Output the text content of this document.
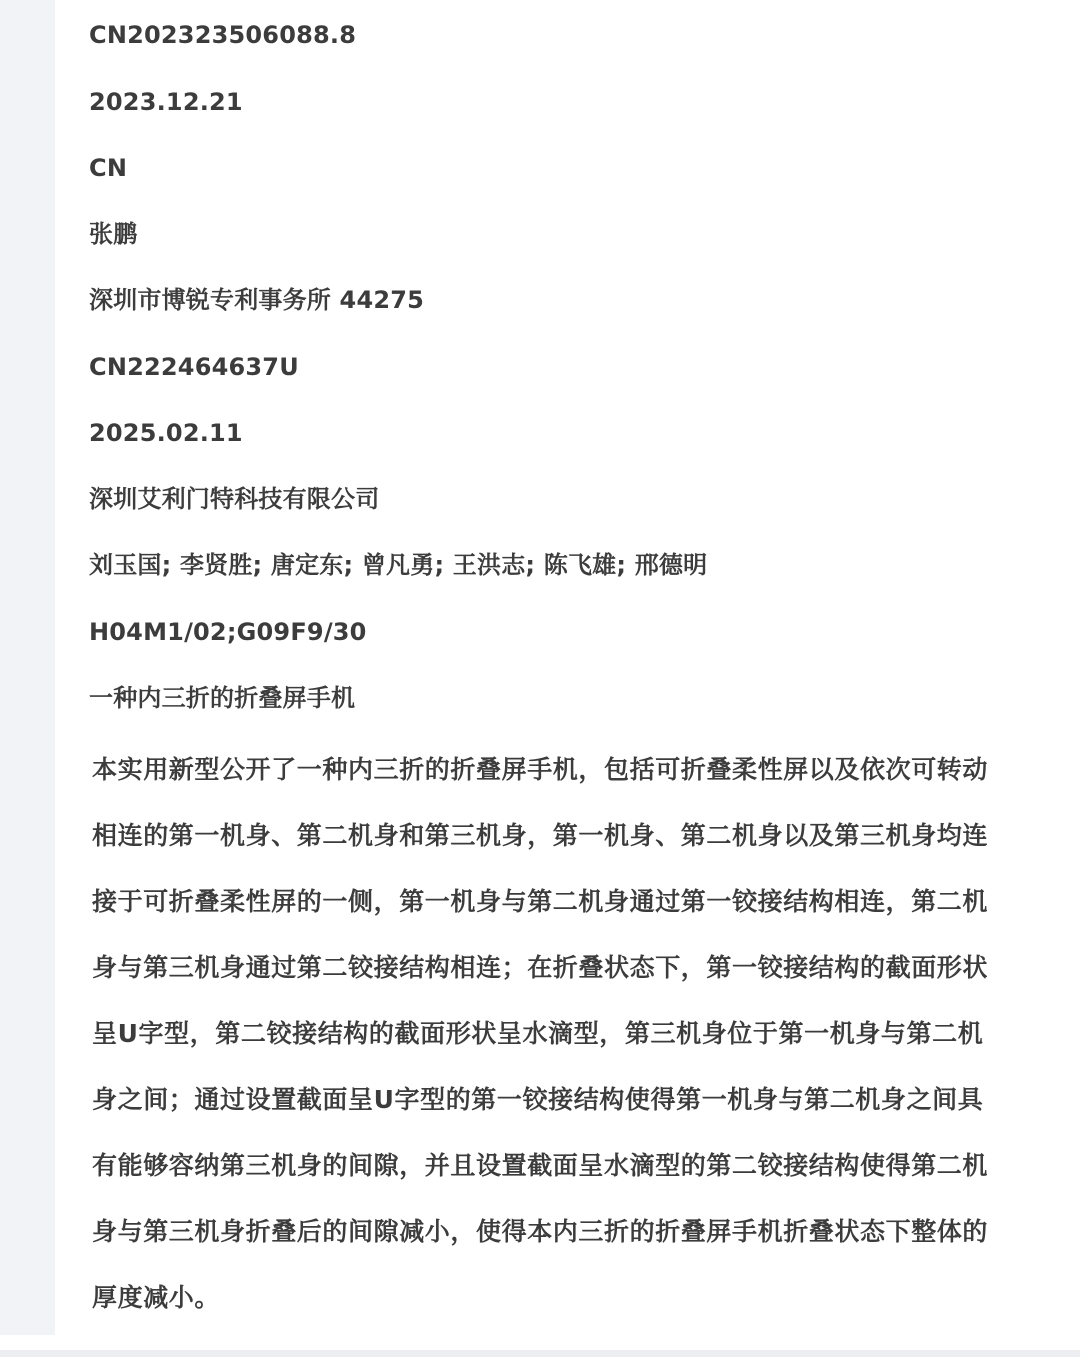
CN202323506088.8

2023.12.21

CN

张鹏

深圳市博锐专利事务所 44275

CN222464637U

2025.02.11

深圳艾利门特科技有限公司

刘玉国; 李贤胜; 唐定东; 曾凡勇; 王洪志; 陈飞雄; 邢德明

H04M1/02;G09F9/30

一种内三折的折叠屏手机

本实用新型公开了一种内三折的折叠屏手机，包括可折叠柔性屏以及依次可转动相连的第一机身、第二机身和第三机身，第一机身、第二机身以及第三机身均连接于可折叠柔性屏的一侧，第一机身与第二机身通过第一铰接结构相连，第二机身与第三机身通过第二铰接结构相连；在折叠状态下，第一铰接结构的截面形状呈U字型，第二铰接结构的截面形状呈水滴型，第三机身位于第一机身与第二机身之间；通过设置截面呈U字型的第一铰接结构使得第一机身与第二机身之间具有能够容纳第三机身的间隙，并且设置截面呈水滴型的第二铰接结构使得第二机身与第三机身折叠后的间隙减小，使得本内三折的折叠屏手机折叠状态下整体的厚度减小。
